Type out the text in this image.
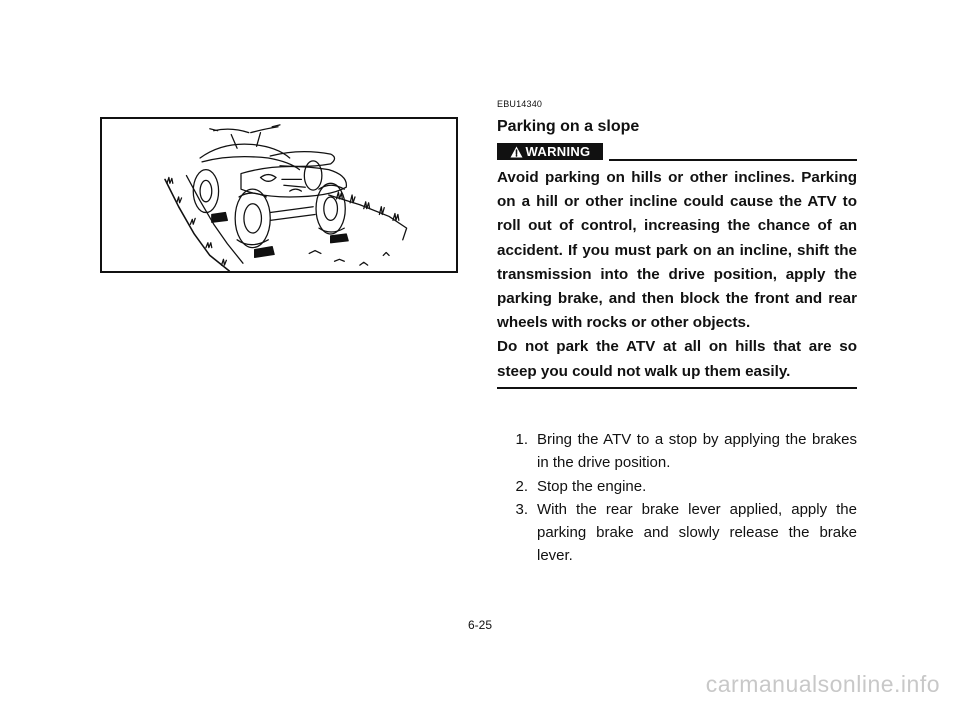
EBU14340
Parking on a slope
WARNING

Avoid parking on hills or other inclines. Parking on a hill or other incline could cause the ATV to roll out of control, increasing the chance of an accident. If you must park on an incline, shift the transmission into the drive position, apply the parking brake, and then block the front and rear wheels with rocks or other objects.

Do not park the ATV at all on hills that are so steep you could not walk up them easily.

1. Bring the ATV to a stop by applying the brakes in the drive position.
2. Stop the engine.
3. With the rear brake lever applied, apply the parking brake and slowly release the brake lever.
6-25
carmanualsonline.info
